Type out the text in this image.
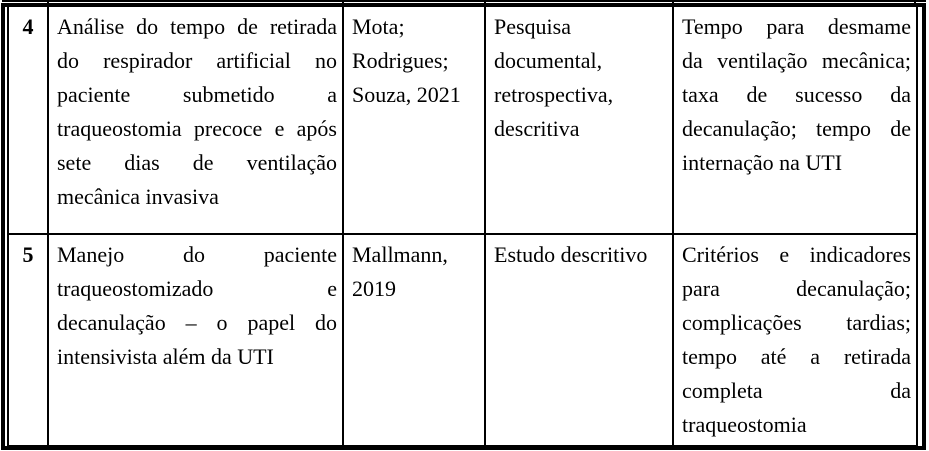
4	Análise do tempo de retirada
do respirador artificial no
paciente submetido a
traqueostomia precoce e após
sete dias de ventilação
mecânica invasiva

Mota;
Rodrigues;
Souza, 2021

Pesquisa
documental,
retrospectiva,
descritiva

Tempo para desmame
da ventilação mecânica;
taxa de sucesso da
decanulação; tempo de
internação na UTI

5	Manejo do paciente
traqueostomizado e
decanulação – o papel do
intensivista além da UTI

Mallmann,
2019

Estudo descritivo	Critérios e indicadores
para decanulação;
complicações tardias;
tempo até a retirada
completa da
traqueostomia
